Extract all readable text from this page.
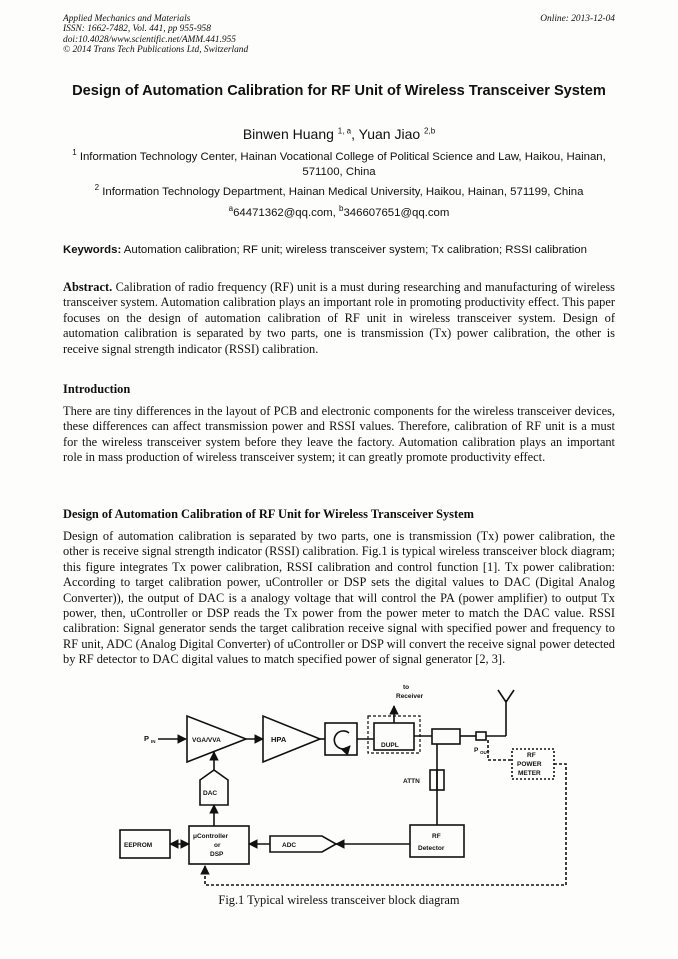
Applied Mechanics and Materials
ISSN: 1662-7482, Vol. 441, pp 955-958
doi:10.4028/www.scientific.net/AMM.441.955
© 2014 Trans Tech Publications Ltd, Switzerland
Online: 2013-12-04
Design of Automation Calibration for RF Unit of Wireless Transceiver System
Binwen Huang $^{1, a}$, Yuan Jiao $^{2,b}$
$^1$ Information Technology Center, Hainan Vocational College of Political Science and Law, Haikou, Hainan, 571100, China
$^2$ Information Technology Department, Hainan Medical University, Haikou, Hainan, 571199, China
$^a$64471362@qq.com, $^b$346607651@qq.com
Keywords: Automation calibration; RF unit; wireless transceiver system; Tx calibration; RSSI calibration
Abstract. Calibration of radio frequency (RF) unit is a must during researching and manufacturing of wireless transceiver system. Automation calibration plays an important role in promoting productivity effect. This paper focuses on the design of automation calibration of RF unit in wireless transceiver system. Design of automation calibration is separated by two parts, one is transmission (Tx) power calibration, the other is receive signal strength indicator (RSSI) calibration.
Introduction
There are tiny differences in the layout of PCB and electronic components for the wireless transceiver devices, these differences can affect transmission power and RSSI values. Therefore, calibration of RF unit is a must for the wireless transceiver system before they leave the factory. Automation calibration plays an important role in mass production of wireless transceiver system; it can greatly promote productivity effect.
Design of Automation Calibration of RF Unit for Wireless Transceiver System
Design of automation calibration is separated by two parts, one is transmission (Tx) power calibration, the other is receive signal strength indicator (RSSI) calibration. Fig.1 is typical wireless transceiver block diagram; this figure integrates Tx power calibration, RSSI calibration and control function [1]. Tx power calibration: According to target calibration power, uController or DSP sets the digital values to DAC (Digital Analog Converter)), the output of DAC is a analogy voltage that will control the PA (power amplifier) to output Tx power, then, uController or DSP reads the Tx power from the power meter to match the DAC value. RSSI calibration: Signal generator sends the target calibration receive signal with specified power and frequency to RF unit, ADC (Analog Digital Converter) of uController or DSP will convert the receive signal power detected by RF detector to DAC digital values to match specified power of signal generator [2, 3].
P IN	VGA/VVA	HPA
DUPL
to
Receiver
P OUT	RF
POWER
METER
ATTN
DAC
EEPROM
μController
or
DSP
ADC
RF
Detector
Fig.1 Typical wireless transceiver block diagram
